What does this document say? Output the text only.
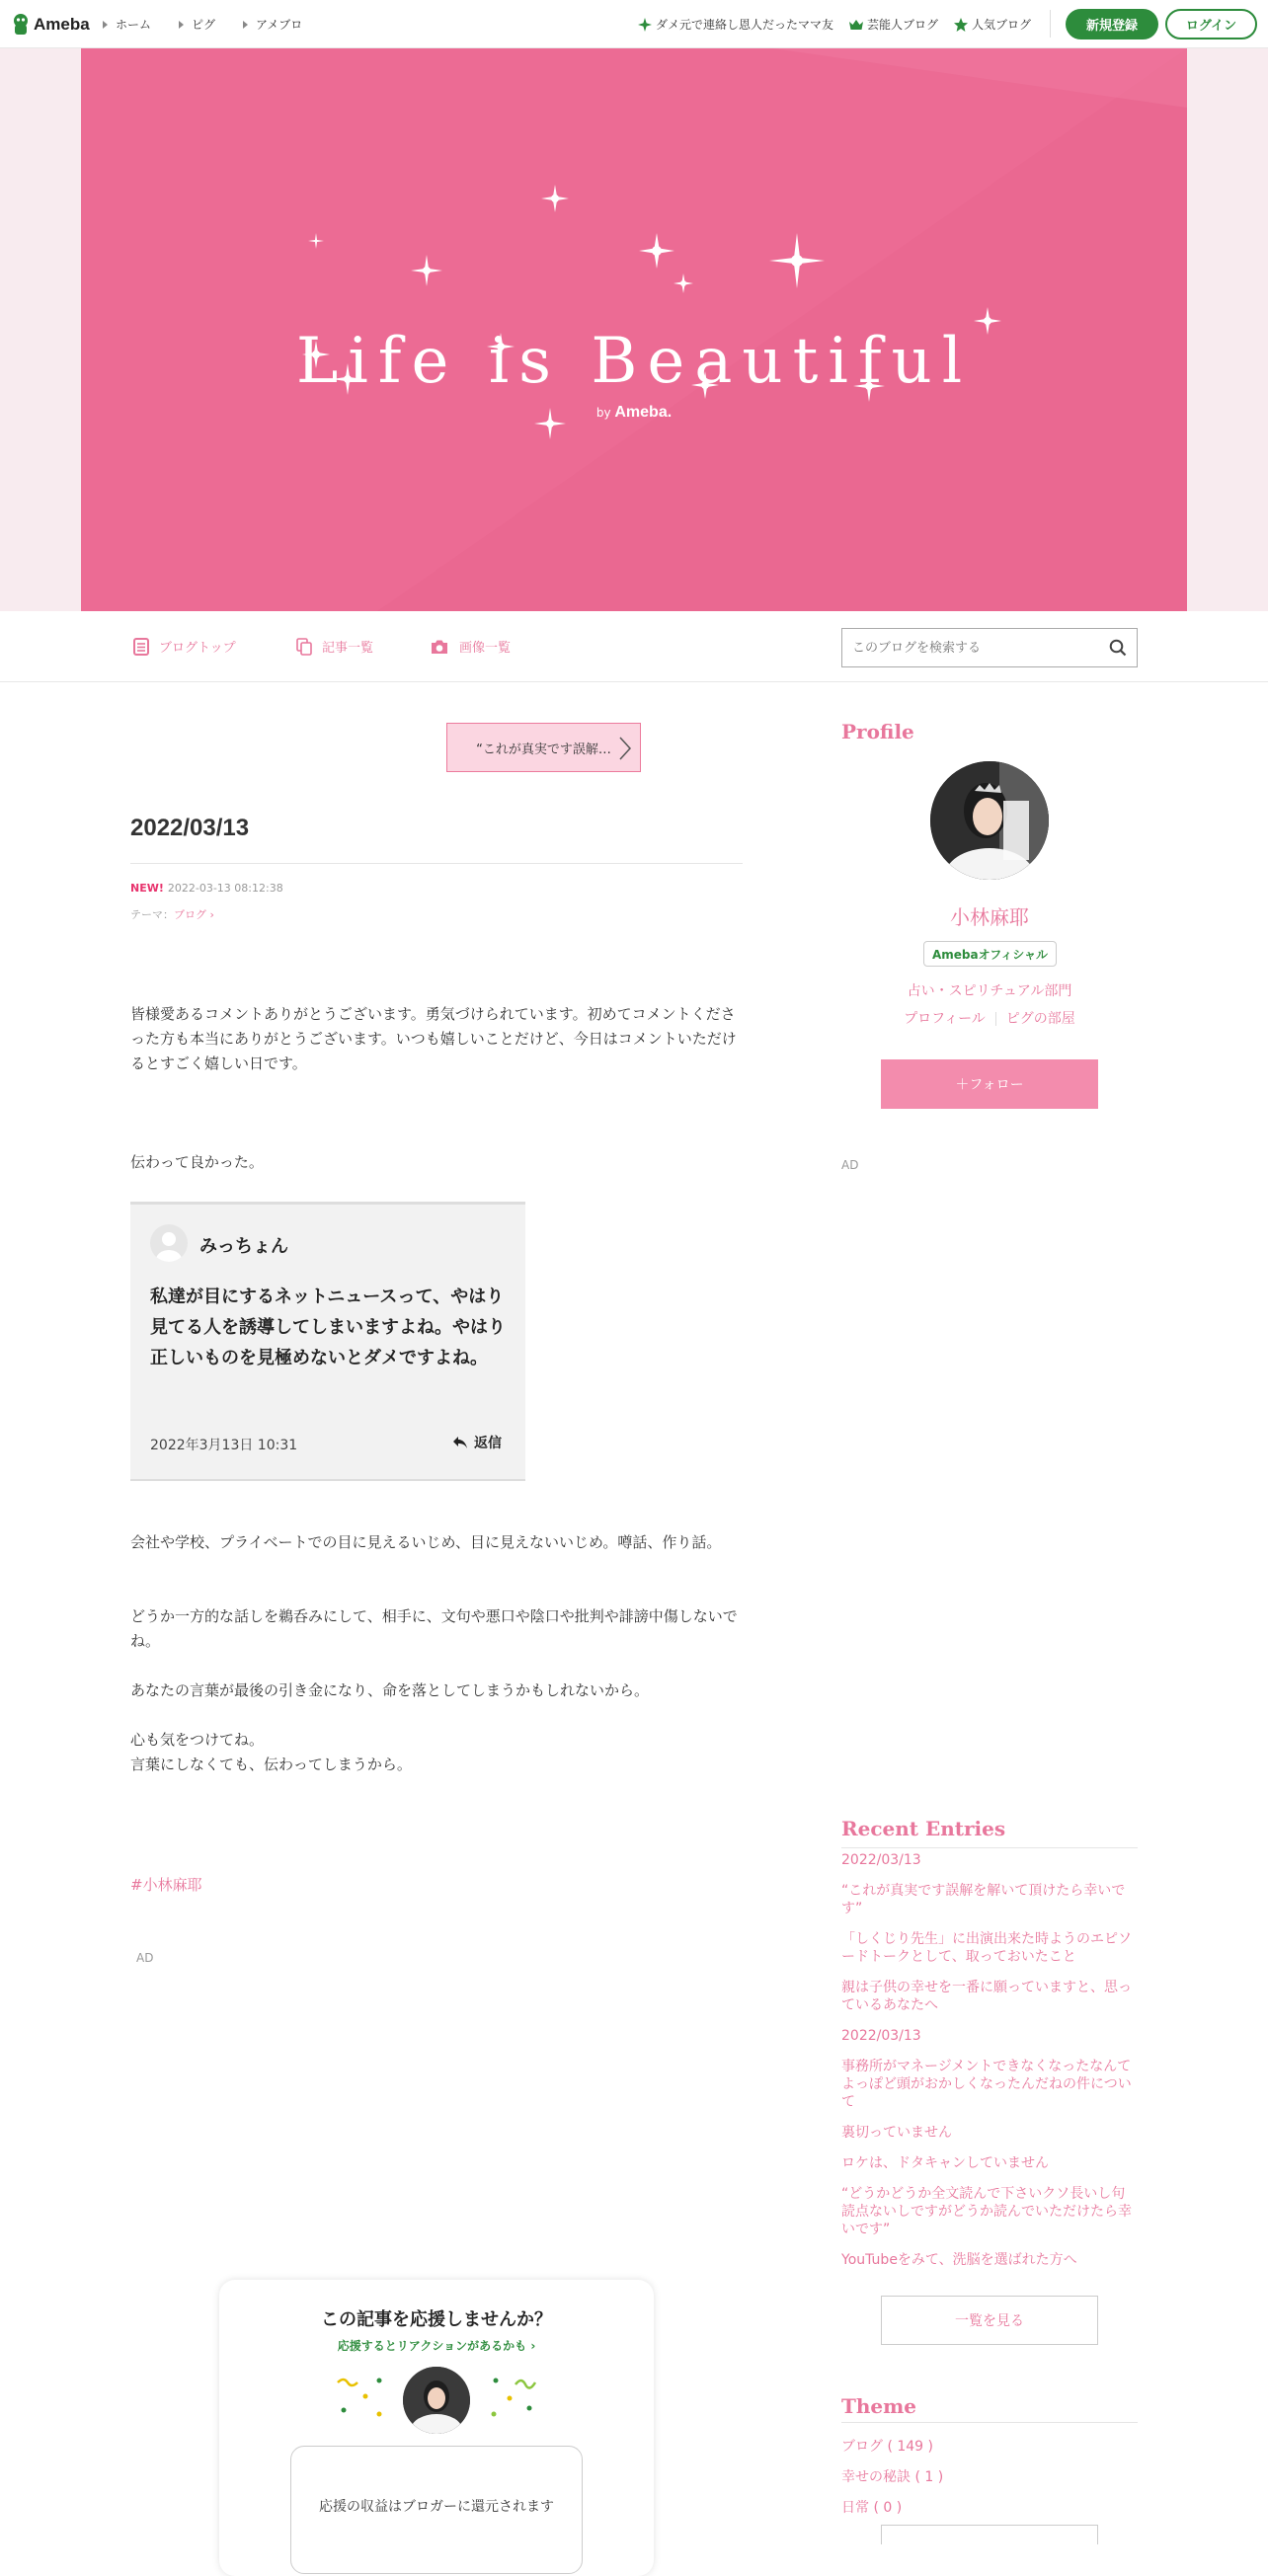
Ameba ホーム	ピグ	アメブロ	ダメ元で連絡し恩人だったママ友	芸能人ブログ	人気ブログ	新規登録	ログイン
Life is Beautiful
by Ameba.
ブログトップ	記事一覧	画像一覧
このブログを検索する
“これが真実です誤解…
2022/03/13
NEW! 2022-03-13 08:12:38
テーマ：ブログ ›

皆様愛あるコメントありがとうございます。勇気づけられています。初めてコメントくださった方も本当にありがとうございます。いつも嬉しいことだけど、今日はコメントいただけるとすごく嬉しい日です。

伝わって良かった。

みっちょん
私達が目にするネットニュースって、やはり見てる人を誘導してしまいますよね。やはり正しいものを見極めないとダメですよね。
2022年3月13日 10:31	返信

会社や学校、プライベートでの目に見えるいじめ、目に見えないいじめ。噂話、作り話。

どうか一方的な話しを鵜呑みにして、相手に、文句や悪口や陰口や批判や誹謗中傷しないでね。

あなたの言葉が最後の引き金になり、命を落としてしまうかもしれないから。

心も気をつけてね。

言葉にしなくても、伝わってしまうから。

#小林麻耶
AD
この記事を応援しませんか？
応援するとリアクションがあるかも ›
応援の収益はブロガーに還元されます
Profile
小林麻耶
Amebaオフィシャル
占い・スピリチュアル部門
プロフィール ピグの部屋
＋フォロー
AD
Recent Entries
2022/03/13
“これが真実です誤解を解いて頂けたら幸いです”
「しくじり先生」に出演出来た時ようのエピソードトークとして、取っておいたこと
親は子供の幸せを一番に願っていますと、思っているあなたへ
2022/03/13
事務所がマネージメントできなくなったなんてよっぽど頭がおかしくなったんだねの件について
裏切っていません
ロケは、ドタキャンしていません
“どうかどうか全文読んで下さいクソ長いし句読点ないしですがどうか読んでいただけたら幸いです”
YouTubeをみて、洗脳を選ばれた方へ
一覧を見る
Theme
ブログ ( 149 )
幸せの秘訣 ( 1 )
日常 ( 0 )
